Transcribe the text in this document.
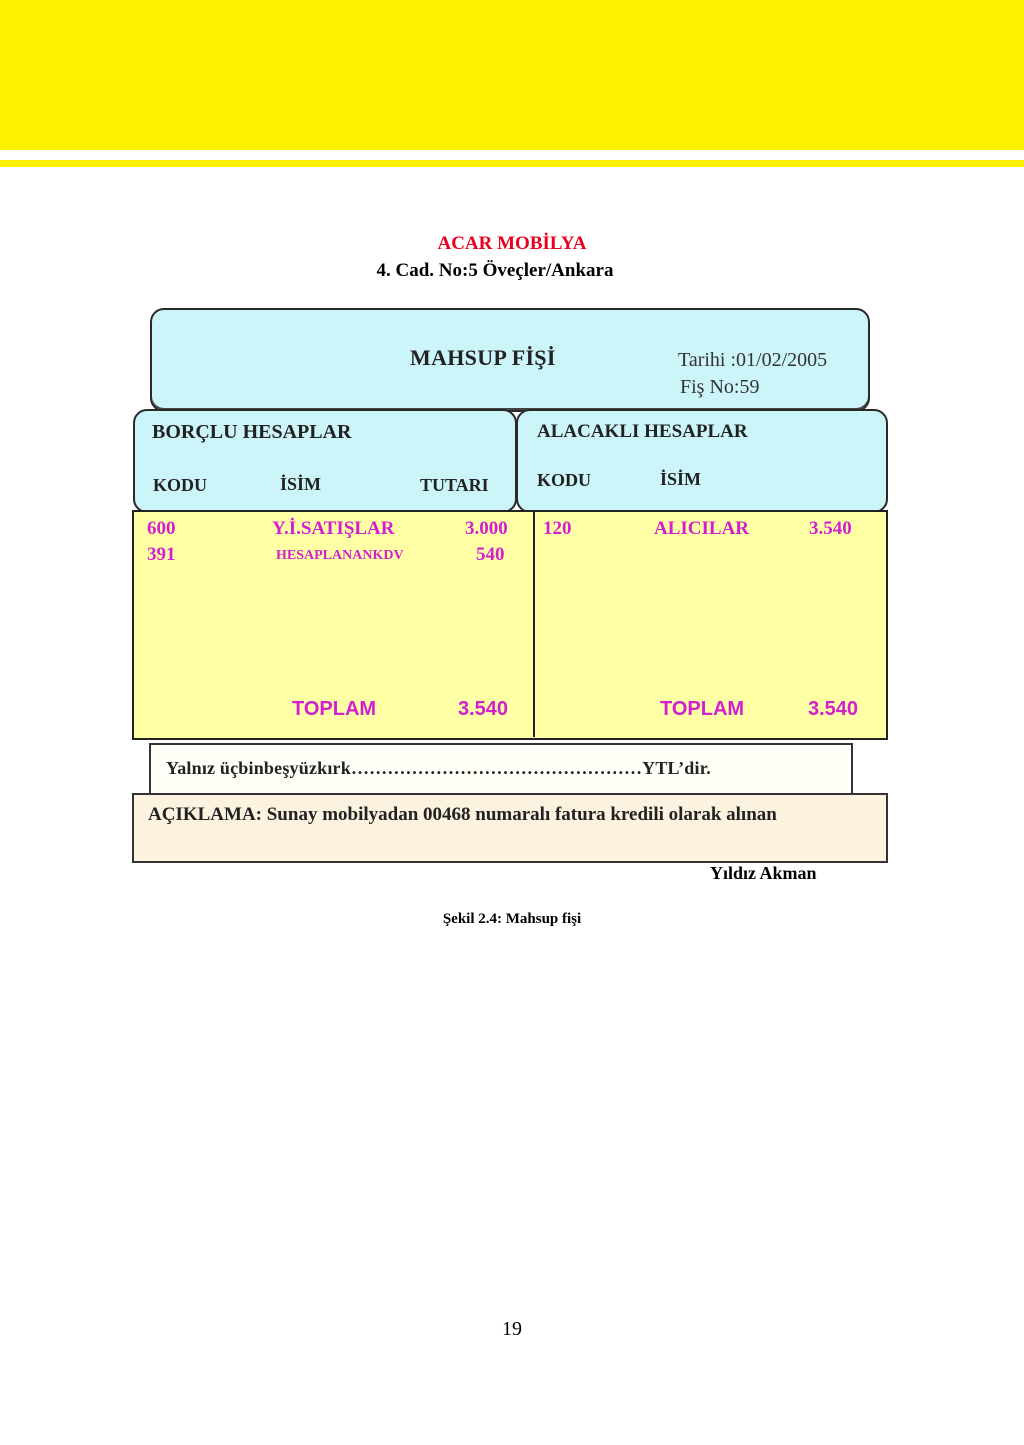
ACAR MOBİLYA
4. Cad. No:5 Öveçler/Ankara
MAHSUP FİŞİ	Tarihi :01/02/2005
Fiş No:59
BORÇLU HESAPLAR
KODU	İSİM	TUTARI
ALACAKLI HESAPLAR
KODU	İSİM
600	Y.İ.SATIŞLAR	3.000
391	HESAPLANANKDV	540
120	ALICILAR	3.540
TOPLAM	3.540	TOPLAM	3.540
Yalnız üçbinbeşyüzkırk…………………………………………YTL’dir.
AÇIKLAMA: Sunay mobilyadan 00468 numaralı fatura kredili olarak alınan
Yıldız Akman
Şekil 2.4: Mahsup fişi
19
